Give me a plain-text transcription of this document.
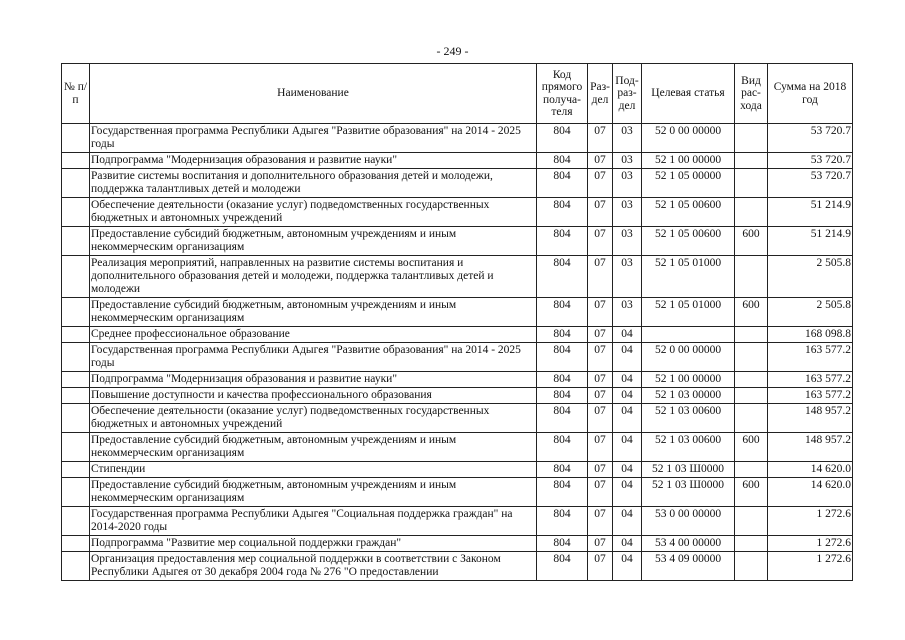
- 249 -
№ п/п	Наименование	Код прямого получа-теля	Раз-дел	Под-раз-дел	Целевая статья	Вид рас-хода	Сумма на 2018 год
	Государственная программа Республики Адыгея "Развитие образования" на 2014 - 2025 годы	804	07	03	52 0 00 00000		53 720.7
	Подпрограмма "Модернизация образования и развитие науки"	804	07	03	52 1 00 00000		53 720.7
	Развитие системы воспитания и дополнительного образования детей и молодежи, поддержка талантливых детей и молодежи	804	07	03	52 1 05 00000		53 720.7
	Обеспечение деятельности (оказание услуг) подведомственных государственных бюджетных и автономных учреждений	804	07	03	52 1 05 00600		51 214.9
	Предоставление субсидий бюджетным, автономным учреждениям и иным некоммерческим организациям	804	07	03	52 1 05 00600	600	51 214.9
	Реализация мероприятий, направленных на развитие системы воспитания и дополнительного образования детей и молодежи, поддержка талантливых детей и молодежи	804	07	03	52 1 05 01000		2 505.8
	Предоставление субсидий бюджетным, автономным учреждениям и иным некоммерческим организациям	804	07	03	52 1 05 01000	600	2 505.8
	Среднее профессиональное образование	804	07	04			168 098.8
	Государственная программа Республики Адыгея "Развитие образования" на 2014 - 2025 годы	804	07	04	52 0 00 00000		163 577.2
	Подпрограмма "Модернизация образования и развитие науки"	804	07	04	52 1 00 00000		163 577.2
	Повышение доступности и качества профессионального образования	804	07	04	52 1 03 00000		163 577.2
	Обеспечение деятельности (оказание услуг) подведомственных государственных бюджетных и автономных учреждений	804	07	04	52 1 03 00600		148 957.2
	Предоставление субсидий бюджетным, автономным учреждениям и иным некоммерческим организациям	804	07	04	52 1 03 00600	600	148 957.2
	Стипендии	804	07	04	52 1 03 Ш0000		14 620.0
	Предоставление субсидий бюджетным, автономным учреждениям и иным некоммерческим организациям	804	07	04	52 1 03 Ш0000	600	14 620.0
	Государственная программа Республики Адыгея "Социальная поддержка граждан" на 2014-2020 годы	804	07	04	53 0 00 00000		1 272.6
	Подпрограмма "Развитие мер социальной поддержки граждан"	804	07	04	53 4 00 00000		1 272.6
	Организация предоставления мер социальной поддержки в соответствии с Законом Республики Адыгея от 30 декабря 2004 года № 276 "О предоставлении	804	07	04	53 4 09 00000		1 272.6
